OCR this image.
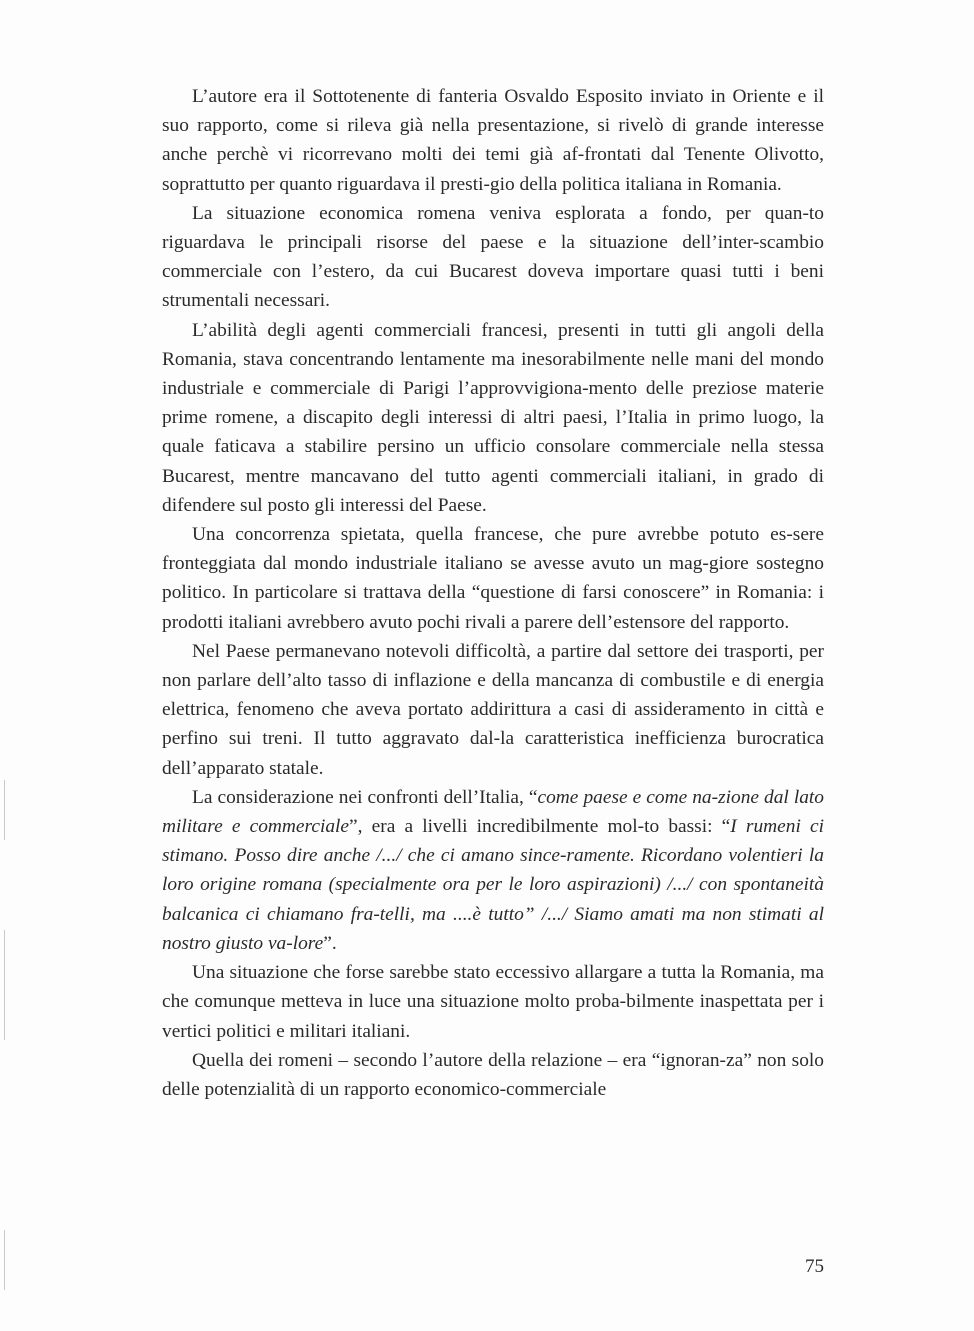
L’autore era il Sottotenente di fanteria Osvaldo Esposito inviato in Oriente e il suo rapporto, come si rileva già nella presentazione, si rivelò di grande interesse anche perchè vi ricorrevano molti dei temi già af-frontati dal Tenente Olivotto, soprattutto per quanto riguardava il presti-gio della politica italiana in Romania.

La situazione economica romena veniva esplorata a fondo, per quan-to riguardava le principali risorse del paese e la situazione dell’inter-scambio commerciale con l’estero, da cui Bucarest doveva importare quasi tutti i beni strumentali necessari.

L’abilità degli agenti commerciali francesi, presenti in tutti gli angoli della Romania, stava concentrando lentamente ma inesorabilmente nelle mani del mondo industriale e commerciale di Parigi l’approvvigiona-mento delle preziose materie prime romene, a discapito degli interessi di altri paesi, l’Italia in primo luogo, la quale faticava a stabilire persino un ufficio consolare commerciale nella stessa Bucarest, mentre mancavano del tutto agenti commerciali italiani, in grado di difendere sul posto gli interessi del Paese.

Una concorrenza spietata, quella francese, che pure avrebbe potuto es-sere fronteggiata dal mondo industriale italiano se avesse avuto un mag-giore sostegno politico. In particolare si trattava della “questione di farsi conoscere” in Romania: i prodotti italiani avrebbero avuto pochi rivali a parere dell’estensore del rapporto.

Nel Paese permanevano notevoli difficoltà, a partire dal settore dei trasporti, per non parlare dell’alto tasso di inflazione e della mancanza di combustile e di energia elettrica, fenomeno che aveva portato addirittura a casi di assideramento in città e perfino sui treni. Il tutto aggravato dal-la caratteristica inefficienza burocratica dell’apparato statale.

La considerazione nei confronti dell’Italia, “come paese e come na-zione dal lato militare e commerciale”, era a livelli incredibilmente mol-to bassi: “I rumeni ci stimano. Posso dire anche /.../ che ci amano since-ramente. Ricordano volentieri la loro origine romana (specialmente ora per le loro aspirazioni) /.../ con spontaneità balcanica ci chiamano fra-telli, ma ....è tutto” /.../ Siamo amati ma non stimati al nostro giusto va-lore”.

Una situazione che forse sarebbe stato eccessivo allargare a tutta la Romania, ma che comunque metteva in luce una situazione molto proba-bilmente inaspettata per i vertici politici e militari italiani.

Quella dei romeni – secondo l’autore della relazione – era “ignoran-za” non solo delle potenzialità di un rapporto economico-commerciale

75
